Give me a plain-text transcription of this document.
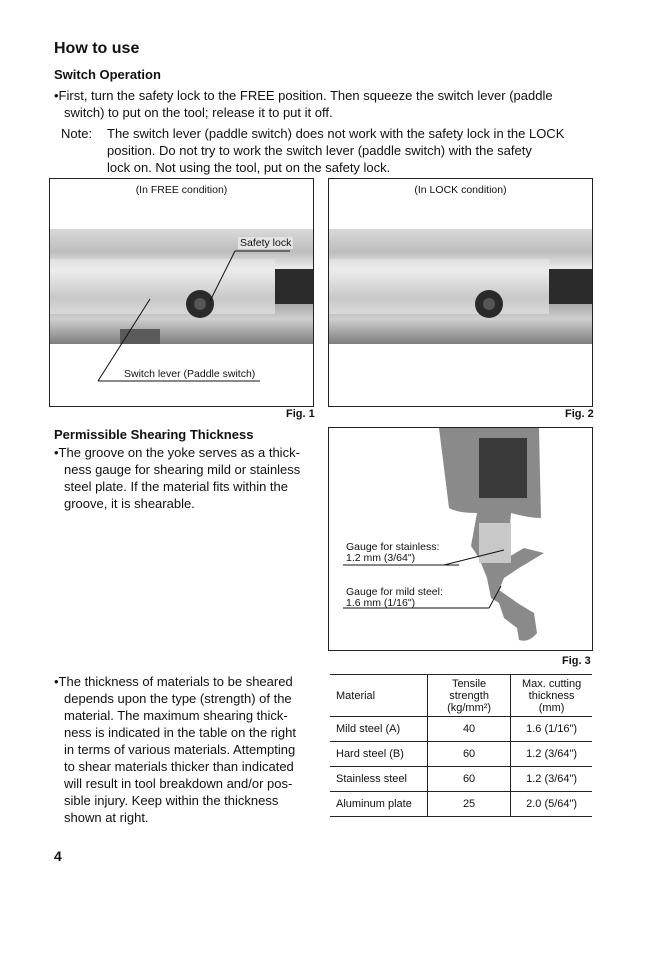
How to use
Switch Operation
•First, turn the safety lock to the FREE position. Then squeeze the switch lever (paddle
switch) to put on the tool; release it to put it off.
Note: The switch lever (paddle switch) does not work with the safety lock in the LOCK
position. Do not try to work the switch lever (paddle switch) with the safety
lock on. Not using the tool, put on the safety lock.
(In FREE condition)
Safety lock
Switch lever (Paddle switch)
Fig. 1
(In LOCK condition)
Fig. 2
Permissible Shearing Thickness
•The groove on the yoke serves as a thick-
ness gauge for shearing mild or stainless
steel plate. If the material fits within the
groove, it is shearable.
Gauge for stainless:
1.2 mm (3/64")
Gauge for mild steel:
1.6 mm (1/16")
Fig. 3
•The thickness of materials to be sheared
depends upon the type (strength) of the
material. The maximum shearing thick-
ness is indicated in the table on the right
in terms of various materials. Attempting
to shear materials thicker than indicated
will result in tool breakdown and/or pos-
sible injury. Keep within the thickness
shown at right.
Material	Tensile strength (kg/mm²)	Max. cutting thickness (mm)
Mild steel (A)	40	1.6 (1/16")
Hard steel (B)	60	1.2 (3/64")
Stainless steel	60	1.2 (3/64")
Aluminum plate	25	2.0 (5/64")
4
